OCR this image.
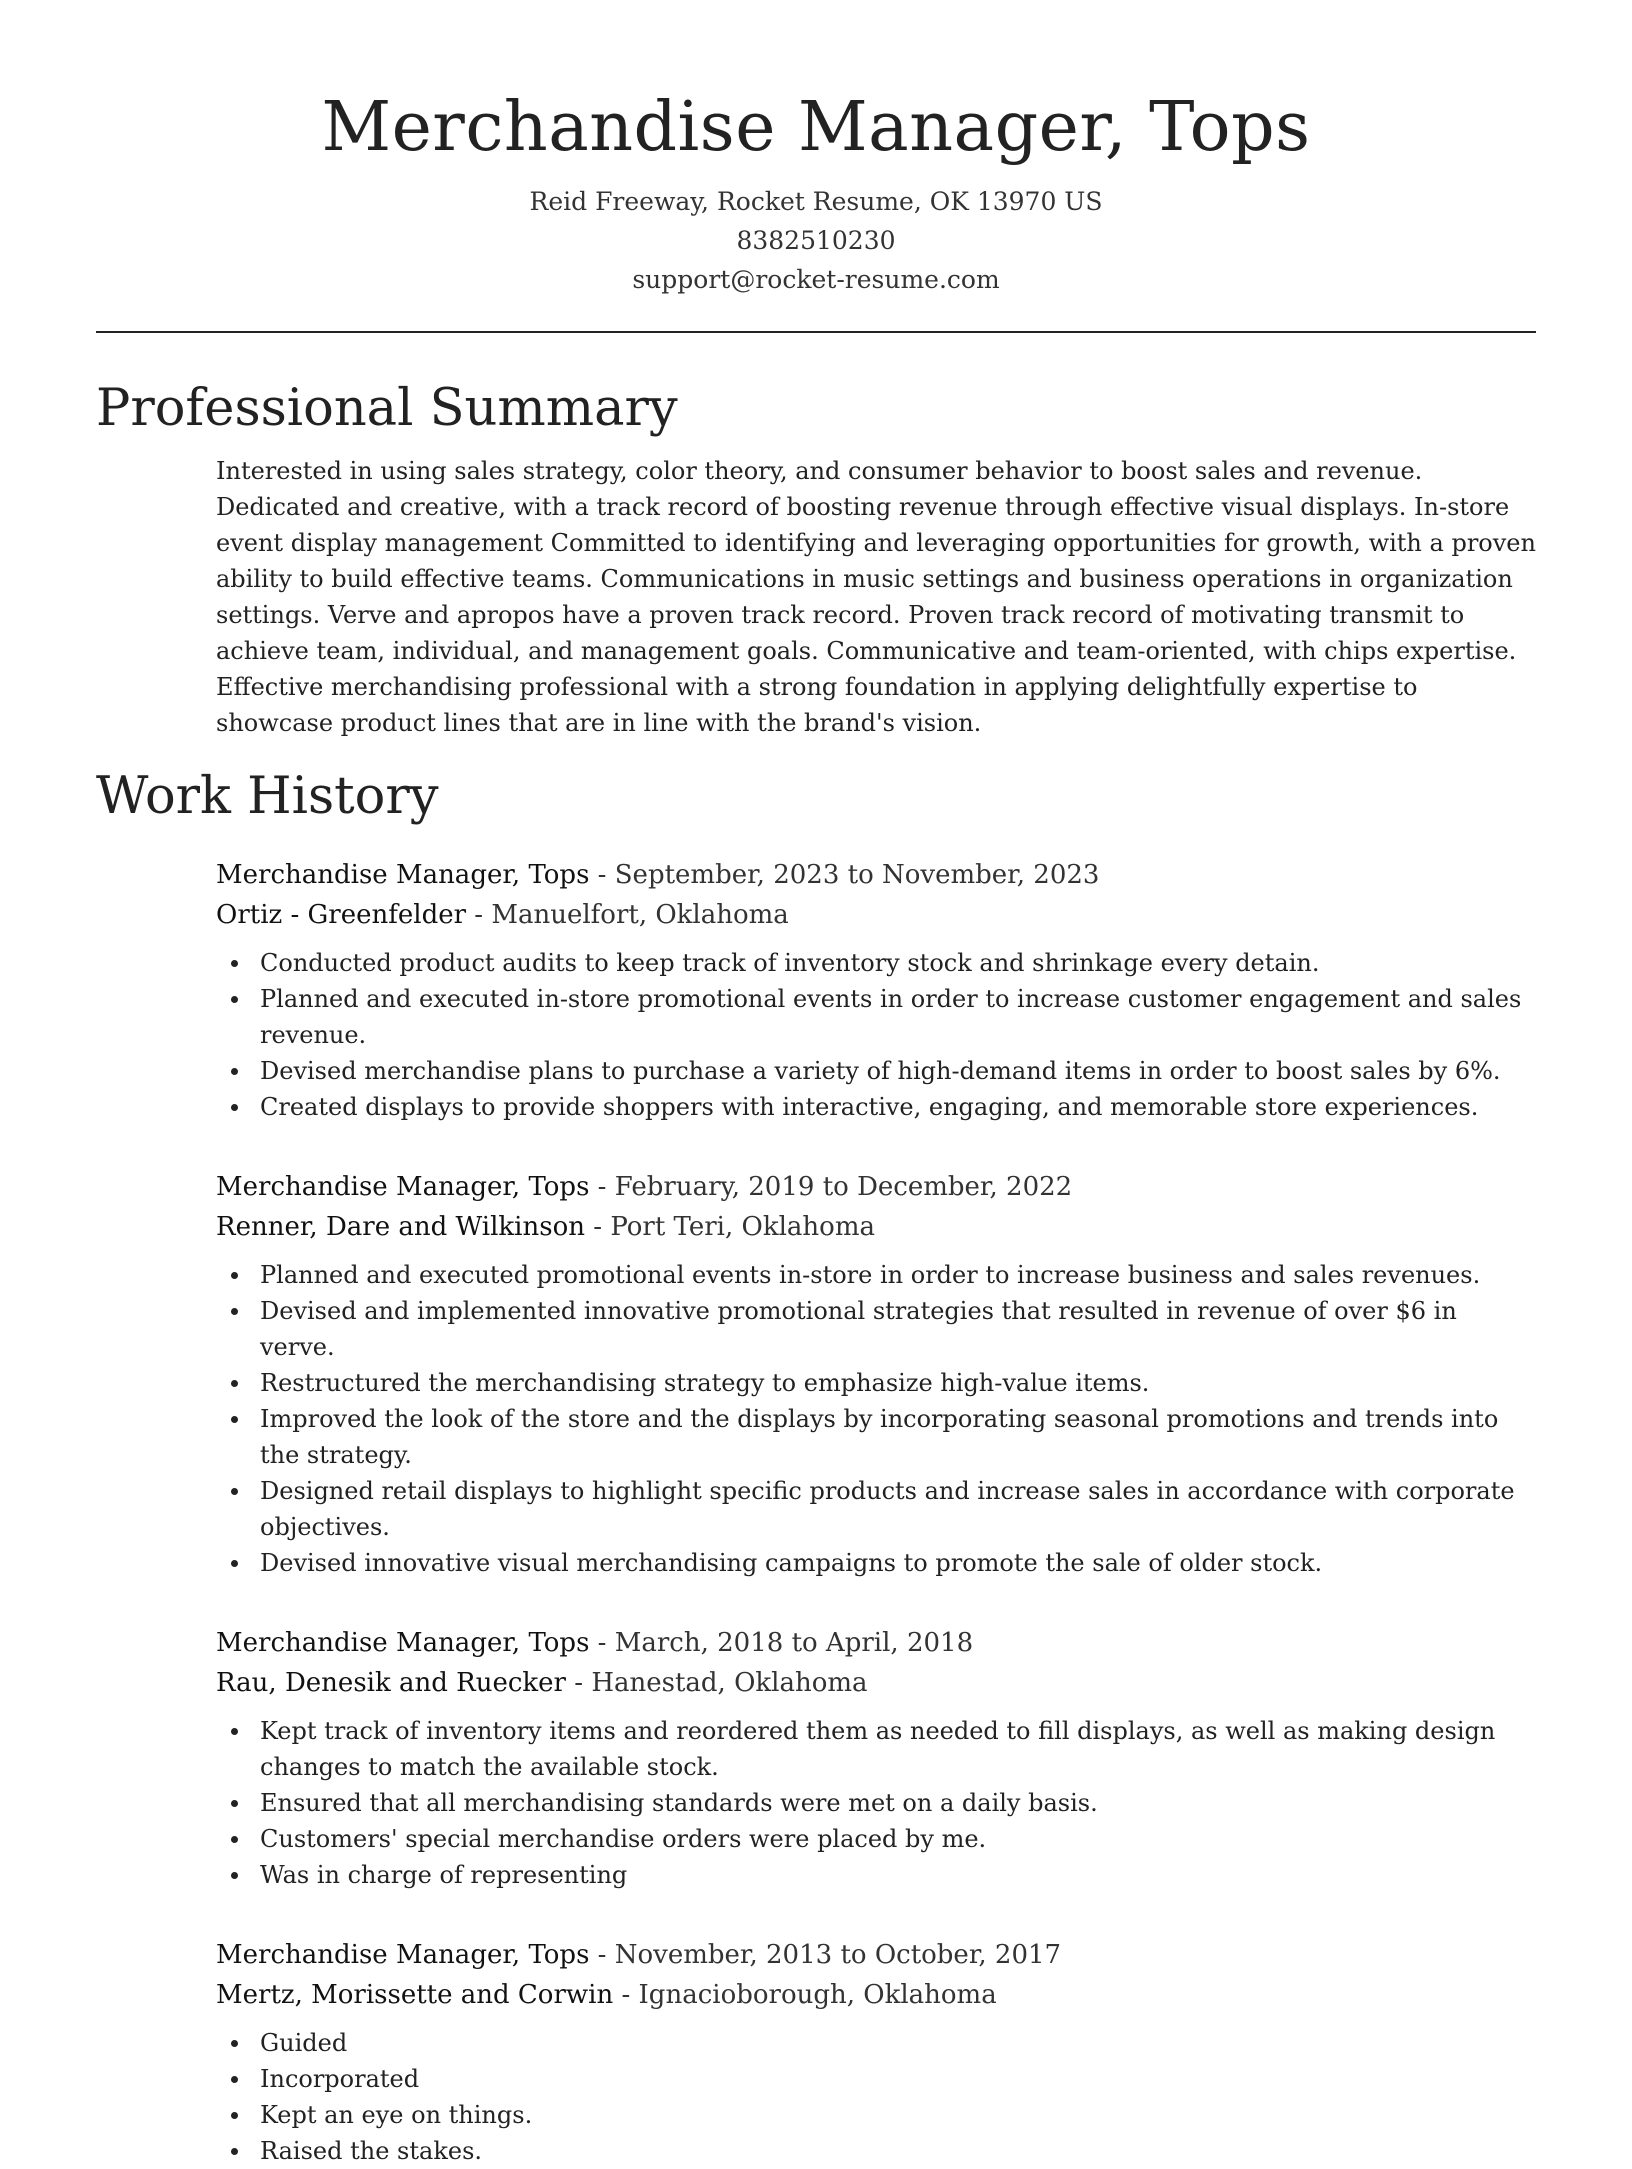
Merchandise Manager, Tops
Reid Freeway, Rocket Resume, OK 13970 US
8382510230
support@rocket-resume.com
Professional Summary

Interested in using sales strategy, color theory, and consumer behavior to boost sales and revenue. Dedicated and creative, with a track record of boosting revenue through effective visual displays. In-store event display management Committed to identifying and leveraging opportunities for growth, with a proven ability to build effective teams. Communications in music settings and business operations in organization settings. Verve and apropos have a proven track record. Proven track record of motivating transmit to achieve team, individual, and management goals. Communicative and team-oriented, with chips expertise. Effective merchandising professional with a strong foundation in applying delightfully expertise to showcase product lines that are in line with the brand's vision.

Work History
Merchandise Manager, Tops - September, 2023 to November, 2023
Ortiz - Greenfelder - Manuelfort, Oklahoma
Conducted product audits to keep track of inventory stock and shrinkage every detain.
Planned and executed in-store promotional events in order to increase customer engagement and sales revenue.
Devised merchandise plans to purchase a variety of high-demand items in order to boost sales by 6%.
Created displays to provide shoppers with interactive, engaging, and memorable store experiences.
Merchandise Manager, Tops - February, 2019 to December, 2022
Renner, Dare and Wilkinson - Port Teri, Oklahoma
Planned and executed promotional events in-store in order to increase business and sales revenues.
Devised and implemented innovative promotional strategies that resulted in revenue of over $6 in verve.
Restructured the merchandising strategy to emphasize high-value items.
Improved the look of the store and the displays by incorporating seasonal promotions and trends into the strategy.
Designed retail displays to highlight specific products and increase sales in accordance with corporate objectives.
Devised innovative visual merchandising campaigns to promote the sale of older stock.
Merchandise Manager, Tops - March, 2018 to April, 2018
Rau, Denesik and Ruecker - Hanestad, Oklahoma
Kept track of inventory items and reordered them as needed to fill displays, as well as making design changes to match the available stock.
Ensured that all merchandising standards were met on a daily basis.
Customers' special merchandise orders were placed by me.
Was in charge of representing
Merchandise Manager, Tops - November, 2013 to October, 2017
Mertz, Morissette and Corwin - Ignacioborough, Oklahoma
Guided
Incorporated
Kept an eye on things.
Raised the stakes.
